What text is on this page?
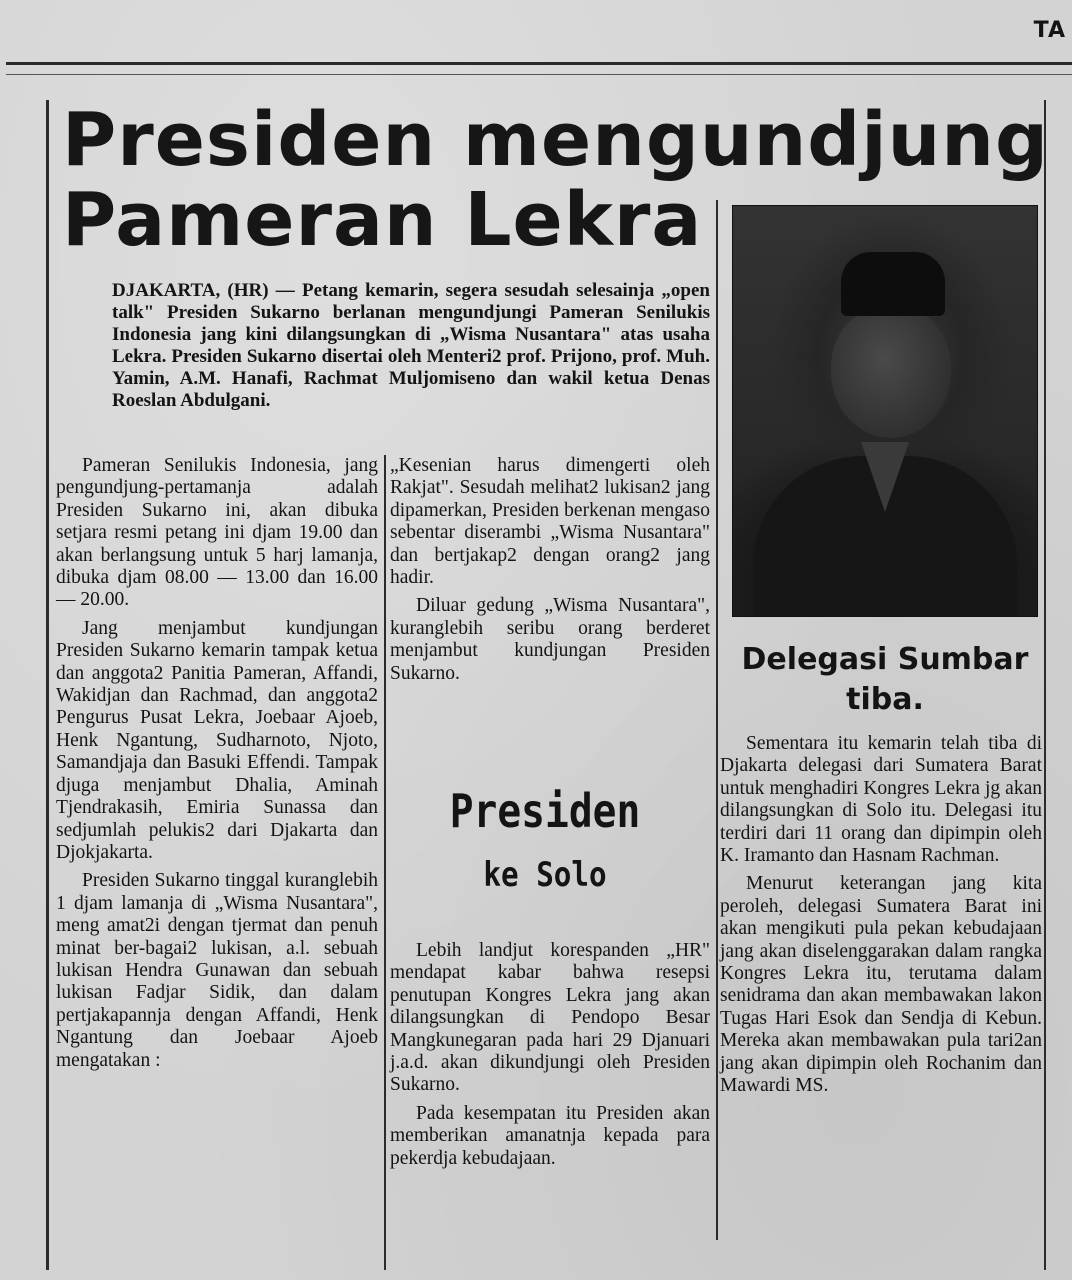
TA
Presiden mengundjung
Pameran Lekra

DJAKARTA, (HR) — Petang kemarin, segera sesudah selesainja „open talk" Presiden Sukarno berlanan mengundjungi Pameran Senilukis Indonesia jang kini dilangsungkan di „Wisma Nusantara" atas usaha Lekra. Presiden Sukarno disertai oleh Menteri2 prof. Prijono, prof. Muh. Yamin, A.M. Hanafi, Rachmat Muljomiseno dan wakil ketua Denas Roeslan Abdulgani.

Pameran Senilukis Indonesia, jang pengundjung-pertamanja adalah Presiden Sukarno ini, akan dibuka setjara resmi petang ini djam 19.00 dan akan berlangsung untuk 5 harj lamanja, dibuka djam 08.00 — 13.00 dan 16.00 — 20.00.

Jang menjambut kundjungan Presiden Sukarno kemarin tampak ketua dan anggota2 Panitia Pameran, Affandi, Wakidjan dan Rachmad, dan anggota2 Pengurus Pusat Lekra, Joebaar Ajoeb, Henk Ngantung, Sudharnoto, Njoto, Samandjaja dan Basuki Effendi. Tampak djuga menjambut Dhalia, Aminah Tjendrakasih, Emiria Sunassa dan sedjumlah pelukis2 dari Djakarta dan Djokjakarta.

Presiden Sukarno tinggal kuranglebih 1 djam lamanja di „Wisma Nusantara", meng amat2i dengan tjermat dan penuh minat ber-bagai2 lukisan, a.l. sebuah lukisan Hendra Gunawan dan sebuah lukisan Fadjar Sidik, dan dalam pertjakapannja dengan Affandi, Henk Ngantung dan Joebaar Ajoeb mengatakan :

„Kesenian harus dimengerti oleh Rakjat". Sesudah melihat2 lukisan2 jang dipamerkan, Presiden berkenan mengaso sebentar diserambi „Wisma Nusantara" dan bertjakap2 dengan orang2 jang hadir.

Diluar gedung „Wisma Nusantara", kuranglebih seribu orang berderet menjambut kundjungan Presiden Sukarno.

Presiden
ke Solo

Lebih landjut korespanden „HR" mendapat kabar bahwa resepsi penutupan Kongres Lekra jang akan dilangsungkan di Pendopo Besar Mangkunegaran pada hari 29 Djanuari j.a.d. akan dikundjungi oleh Presiden Sukarno.

Pada kesempatan itu Presiden akan memberikan amanatnja kepada para pekerdja kebudajaan.

Delegasi Sumbar tiba.

Sementara itu kemarin telah tiba di Djakarta delegasi dari Sumatera Barat untuk menghadiri Kongres Lekra jg akan dilangsungkan di Solo itu. Delegasi itu terdiri dari 11 orang dan dipimpin oleh K. Iramanto dan Hasnam Rachman.

Menurut keterangan jang kita peroleh, delegasi Sumatera Barat ini akan mengikuti pula pekan kebudajaan jang akan diselenggarakan dalam rangka Kongres Lekra itu, terutama dalam senidrama dan akan membawakan lakon Tugas Hari Esok dan Sendja di Kebun. Mereka akan membawakan pula tari2an jang akan dipimpin oleh Rochanim dan Mawardi MS.
